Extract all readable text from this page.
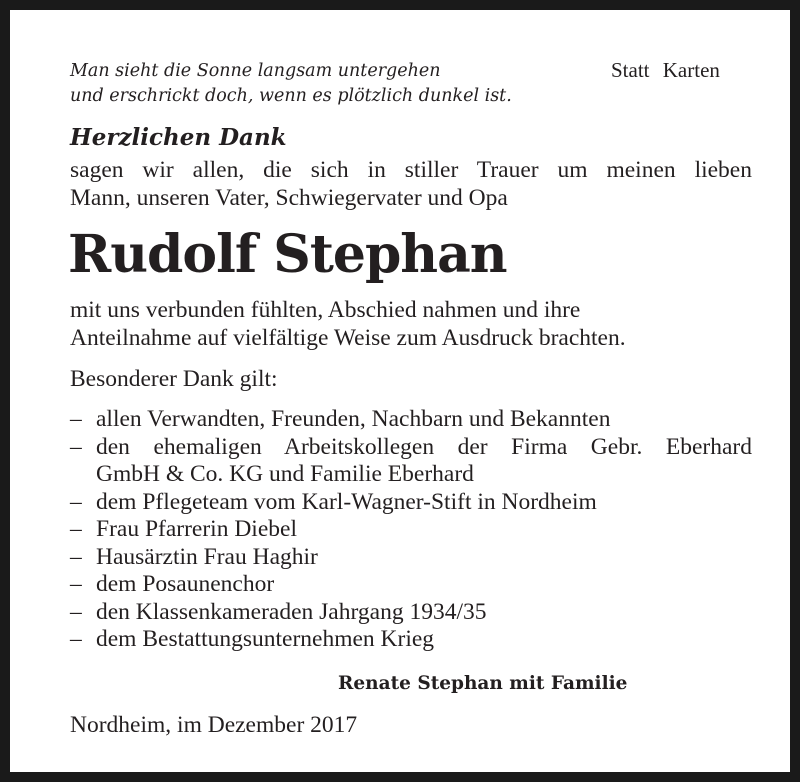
Man sieht die Sonne langsam untergehen
und erschrickt doch, wenn es plötzlich dunkel ist.
Statt Karten
Herzlichen Dank
sagen wir allen, die sich in stiller Trauer um meinen lieben
Mann, unseren Vater, Schwiegervater und Opa
Rudolf Stephan
mit uns verbunden fühlten, Abschied nahmen und ihre
Anteilnahme auf vielfältige Weise zum Ausdruck brachten.
Besonderer Dank gilt:
– allen Verwandten, Freunden, Nachbarn und Bekannten
– den ehemaligen Arbeitskollegen der Firma Gebr. Eberhard
GmbH & Co. KG und Familie Eberhard
– dem Pflegeteam vom Karl-Wagner-Stift in Nordheim
– Frau Pfarrerin Diebel
– Hausärztin Frau Haghir
– dem Posaunenchor
– den Klassenkameraden Jahrgang 1934/35
– dem Bestattungsunternehmen Krieg
Renate Stephan mit Familie
Nordheim, im Dezember 2017
